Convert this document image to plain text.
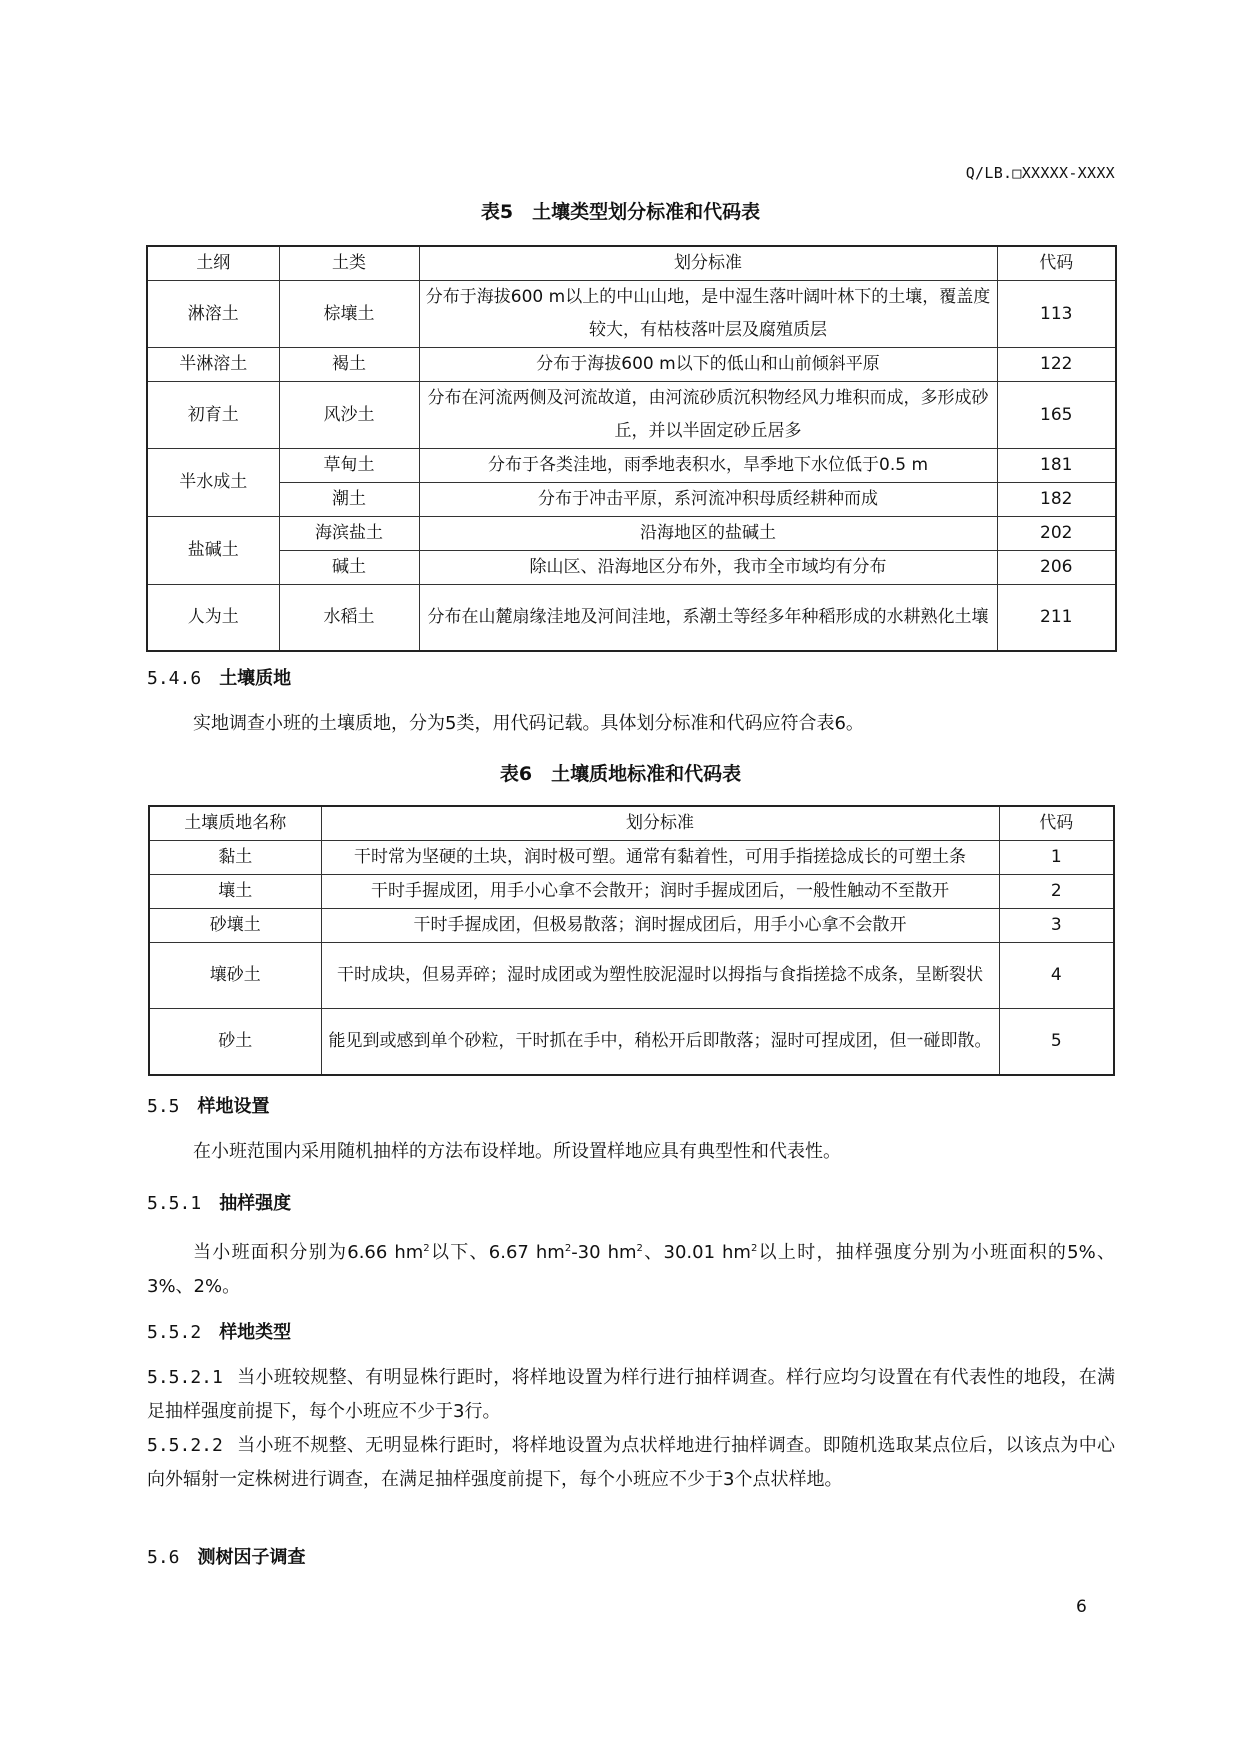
Q/LB.□XXXXX-XXXX
表5　土壤类型划分标准和代码表
土纲	土类	划分标准	代码
淋溶土	棕壤土	分布于海拔600 m以上的中山山地，是中湿生落叶阔叶林下的土壤，覆盖度较大，有枯枝落叶层及腐殖质层	113
半淋溶土	褐土	分布于海拔600 m以下的低山和山前倾斜平原	122
初育土	风沙土	分布在河流两侧及河流故道，由河流砂质沉积物经风力堆积而成，多形成砂丘，并以半固定砂丘居多	165
半水成土	草甸土	分布于各类洼地，雨季地表积水，旱季地下水位低于0.5 m	181
	潮土	分布于冲击平原，系河流冲积母质经耕种而成	182
盐碱土	海滨盐土	沿海地区的盐碱土	202
	碱土	除山区、沿海地区分布外，我市全市域均有分布	206
人为土	水稻土	分布在山麓扇缘洼地及河间洼地，系潮土等经多年种稻形成的水耕熟化土壤	211
5.4.6 土壤质地
实地调查小班的土壤质地，分为5类，用代码记载。具体划分标准和代码应符合表6。
表6　土壤质地标准和代码表
土壤质地名称	划分标准	代码
黏土	干时常为坚硬的土块，润时极可塑。通常有黏着性，可用手指搓捻成长的可塑土条	1
壤土	干时手握成团，用手小心拿不会散开；润时手握成团后，一般性触动不至散开	2
砂壤土	干时手握成团，但极易散落；润时握成团后，用手小心拿不会散开	3
壤砂土	干时成块，但易弄碎；湿时成团或为塑性胶泥湿时以拇指与食指搓捻不成条，呈断裂状	4
砂土	能见到或感到单个砂粒，干时抓在手中，稍松开后即散落；湿时可捏成团，但一碰即散。	5
5.5 样地设置
在小班范围内采用随机抽样的方法布设样地。所设置样地应具有典型性和代表性。
5.5.1 抽样强度
当小班面积分别为6.66 $hm^2$以下、6.67 $hm^2-30$ $hm^2$、30.01 $hm^2$以上时，抽样强度分别为小班面积的5%、3%、2%。
5.5.2 样地类型
5.5.2.1 当小班较规整、有明显株行距时，将样地设置为样行进行抽样调查。样行应均匀设置在有代表性的地段，在满足抽样强度前提下，每个小班应不少于3行。
5.5.2.2 当小班不规整、无明显株行距时，将样地设置为点状样地进行抽样调查。即随机选取某点位后，以该点为中心向外辐射一定株树进行调查，在满足抽样强度前提下，每个小班应不少于3个点状样地。
5.6 测树因子调查
6
